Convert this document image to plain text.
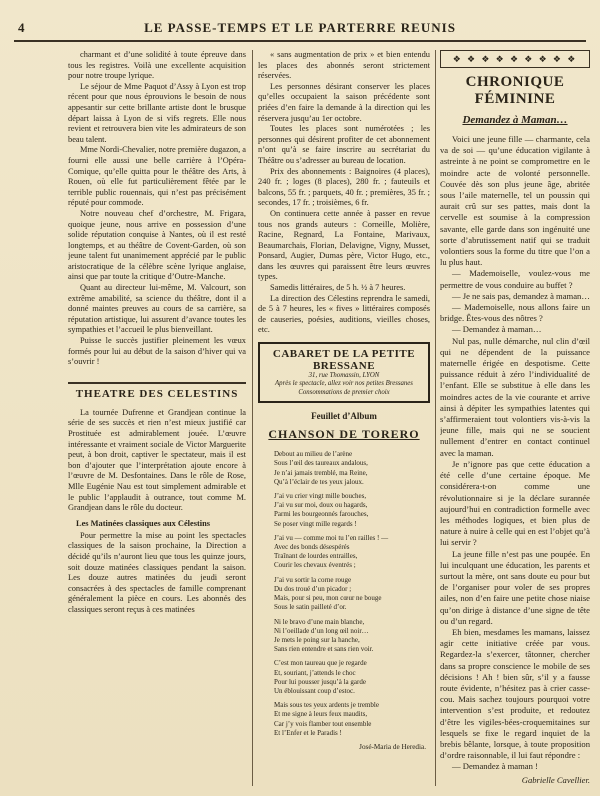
4	LE PASSE-TEMPS ET LE PARTERRE REUNIS

charmant et d’une solidité à toute épreuve dans tous les registres. Voilà une excellente acquisition pour notre troupe lyrique.

Le séjour de Mme Paquot d’Assy à Lyon est trop récent pour que nous éprouvions le besoin de nous appesantir sur cette brillante artiste dont le brusque départ laissa à Lyon de si vifs regrets. Elle nous revient et retrouvera bien vite les admirateurs de son beau talent.

Mme Nordi-Chevalier, notre première dugazon, a fourni elle aussi une belle carrière à l’Opéra-Comique, qu’elle quitta pour le théâtre des Arts, à Rouen, où elle fut particulièrement fêtée par le terrible public rouennais, qui n’est pas précisément réputé pour commode.

Notre nouveau chef d’orchestre, M. Frigara, quoique jeune, nous arrive en possession d’une solide réputation conquise à Nantes, où il est resté longtemps, et au théâtre de Covent-Garden, où son jeune talent fut unanimement apprécié par le public aristocratique de la célèbre scène lyrique anglaise, ainsi que par toute la critique d’Outre-Manche.

Quant au directeur lui-même, M. Valcourt, son extrême amabilité, sa science du théâtre, dont il a donné maintes preuves au cours de sa carrière, sa réputation artistique, lui assurent d’avance toutes les sympathies et l’accueil le plus bienveillant.

Puisse le succès justifier pleinement les vœux formés pour lui au début de la saison d’hiver qui va s’ouvrir !

THEATRE DES CELESTINS

La tournée Dufrenne et Grandjean continue la série de ses succès et rien n’est mieux justifié car Prostituée est admirablement jouée. L’œuvre intéressante et vraiment sociale de Victor Marguerite peut, à bon droit, captiver le spectateur, mais il est bon d’ajouter que l’interprétation ajoute encore à l’œuvre de M. Desfontaines. Dans le rôle de Rose, Mlle Eugénie Nau est tout simplement admirable et le public l’applaudit à outrance, tout comme M. Grandjean dans le rôle du docteur.

Les Matinées classiques aux Célestins

Pour permettre la mise au point les spectacles classiques de la saison prochaine, la Direction a décidé qu’ils n’auront lieu que tous les quinze jours, soit douze matinées classiques pendant la saison. Les douze autres matinées du jeudi seront consacrées à des spectacles de famille comprenant généralement la pièce en cours. Les abonnés des classiques seront reçus à ces matinées

« sans augmentation de prix » et bien entendu les places des abonnés seront strictement réservées.

Les personnes désirant conserver les places qu’elles occupaient la saison précédente sont priées d’en faire la demande à la direction qui les réservera jusqu’au 1er octobre.

Toutes les places sont numérotées ; les personnes qui désirent profiter de cet abonnement n’ont qu’à se faire inscrire au secrétariat du Théâtre ou s’adresser au bureau de location.

Prix des abonnements : Baignoires (4 places), 240 fr. ; loges (8 places), 280 fr. ; fauteuils et balcons, 55 fr. ; parquets, 40 fr. ; premières, 35 fr. ; secondes, 17 fr. ; troisièmes, 6 fr.

On continuera cette année à passer en revue tous nos grands auteurs : Corneille, Molière, Racine, Regnard, La Fontaine, Marivaux, Beaumarchais, Florian, Delavigne, Vigny, Musset, Ponsard, Augier, Dumas père, Victor Hugo, etc., dans les œuvres qui paraissent être leurs œuvres types.

Samedis littéraires, de 5 h. ½ à 7 heures.

La direction des Célestins reprendra le samedi, de 5 à 7 heures, les « fives » littéraires composés de causeries, poésies, auditions, vieilles choses, etc.

CABARET DE LA PETITE BRESSANE
31, rue Thomassin, LYON
Après le spectacle, allez voir nos petites Bressanes
Consommations de premier choix
Feuillet d’Album
CHANSON DE TORERO
Debout au milieu de l’arène
Sous l’œil des taureaux andalous,
Je n’ai jamais tremblé, ma Reine,
Qu’à l’éclair de tes yeux jaloux.
J’ai vu crier vingt mille bouches,
J’ai vu sur moi, doux ou hagards,
Parmi les bourgeonnés farouches,
Se poser vingt mille regards !
J’ai vu — comme moi tu l’en railles ! —
Avec des bonds désespérés
Traînant de lourdes entrailles,
Courir les chevaux éventrés ;
J’ai vu sortir la corne rouge
Du dos troué d’un picador ;
Mais, pour si peu, mon cœur ne bouge
Sous le satin pailleté d’or.
Ni le bravo d’une main blanche,
Ni l’oeillade d’un long œil noir…
Je mets le poing sur la hanche,
Sans rien entendre et sans rien voir.
C’est mon taureau que je regarde
Et, souriant, j’attends le choc
Pour lui pousser jusqu’à la garde
Un éblouissant coup d’estoc.
Mais sous tes yeux ardents je tremble
Et me signe à leurs feux maudits,
Car j’y vois flamber tout ensemble
Et l’Enfer et le Paradis !
José-Maria de Heredia.
❖ ❖ ❖ ❖ ❖ ❖ ❖ ❖ ❖
CHRONIQUE FÉMININE
Demandez à Maman…

Voici une jeune fille — charmante, cela va de soi — qu’une éducation vigilante à astreinte à ne point se compromettre en le moindre acte de volonté personnelle. Couvée dès son plus jeune âge, abritée sous l’aile maternelle, tel un poussin qui aurait crû sur ses pattes, mais dont la cervelle est soumise à la compression savante, elle garde dans son ingénuité une sorte d’abrutissement natif qui se traduit volontiers sous la forme du titre que l’on a lu plus haut.

— Mademoiselle, voulez-vous me permettre de vous conduire au buffet ?

— Je ne sais pas, demandez à maman…

— Mademoiselle, nous allons faire un bridge. Êtes-vous des nôtres ?

— Demandez à maman…

Nul pas, nulle démarche, nul clin d’œil qui ne dépendent de la puissance maternelle érigée en despotisme. Cette puissance réduit à zéro l’individualité de l’enfant. Elle se substitue à elle dans les moindres actes de la vie courante et arrive ainsi à dépiter les sympathies latentes qui s’affirmeraient tout volontiers vis-à-vis la jeune fille, mais qui ne se soucient nullement d’entrer en contact continuel avec la maman.

Je n’ignore pas que cette éducation a été celle d’une certaine époque. Me considérera-t-on comme une révolutionnaire si je la déclare surannée aujourd’hui en contradiction formelle avec les méthodes logiques, et bien plus de nature à nuire à celle qui en est l’objet qu’à lui servir ?

La jeune fille n’est pas une poupée. En lui inculquant une éducation, les parents et surtout la mère, ont sans doute eu pour but de l’organiser pour voler de ses propres ailes, non d’en faire une petite chose niaise qu’on dirige à distance d’une signe de tête ou d’un regard.

Eh bien, mesdames les mamans, laissez agir cette initiative créée par vous. Regardez-la s’exercer, tâtonner, chercher dans sa propre conscience le mobile de ses décisions ! Ah ! bien sûr, s’il y a fausse route évidente, n’hésitez pas à crier casse-cou. Mais sachez toujours pourquoi votre intervention s’est produite, et redoutez d’être les vigiles-bées-croquemitaines sur lesquels se fixe le regard inquiet de la brebis bêlante, lorsque, à toute proposition d’ordre raisonnable, il lui faut répondre :

— Demandez à maman !

Gabrielle Cavellier.
